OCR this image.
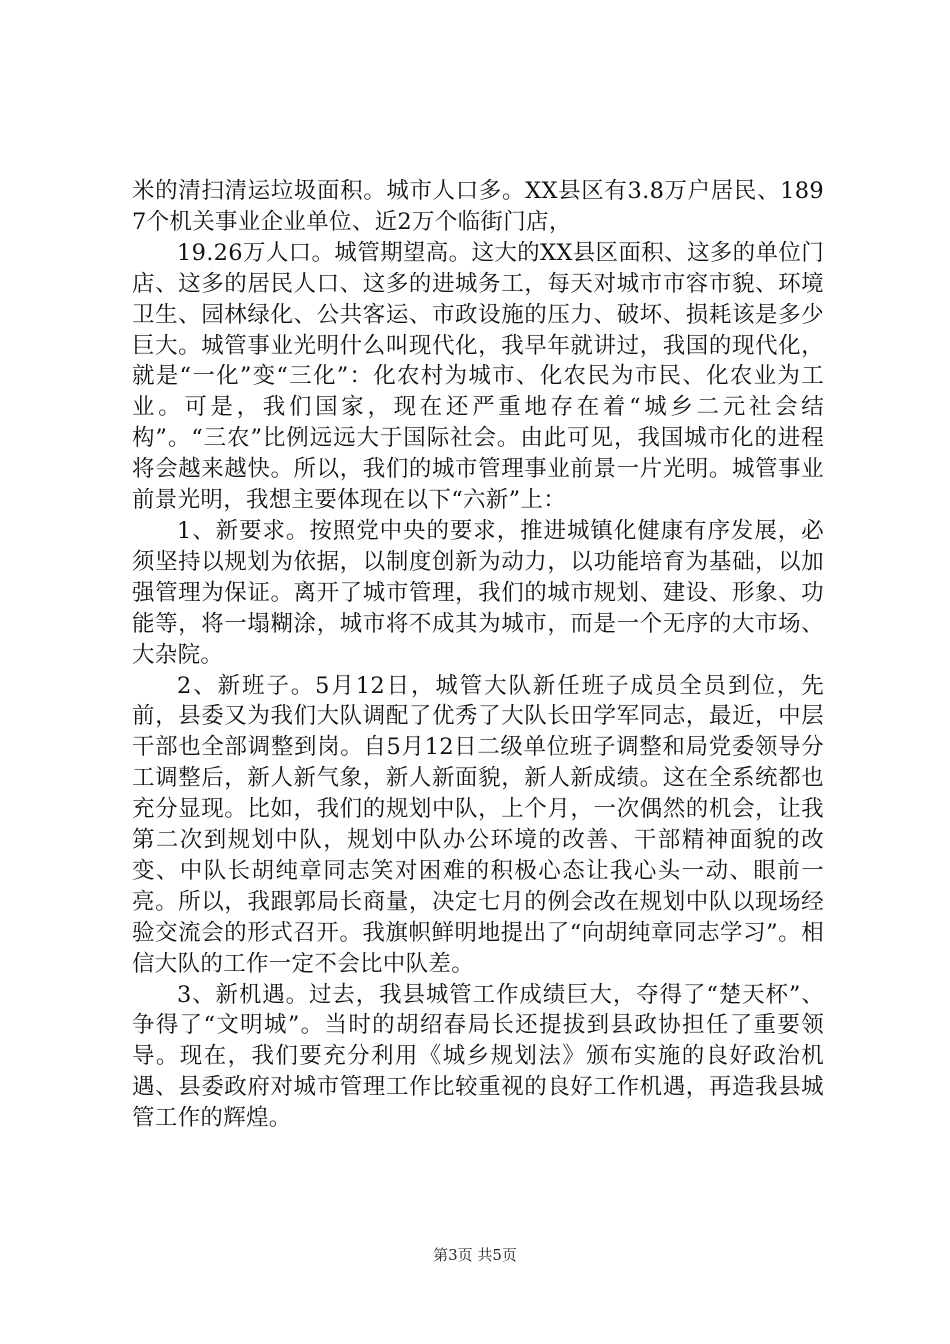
米的清扫清运垃圾面积。城市人口多。XX县区有3.8万户居民、1897个机关事业企业单位、近2万个临街门店，

19.26万人口。城管期望高。这大的XX县区面积、这多的单位门店、这多的居民人口、这多的进城务工，每天对城市市容市貌、环境卫生、园林绿化、公共客运、市政设施的压力、破坏、损耗该是多少巨大。城管事业光明什么叫现代化，我早年就讲过，我国的现代化，就是“一化”变“三化”：化农村为城市、化农民为市民、化农业为工业。可是，我们国家，现在还严重地存在着“城乡二元社会结构”。“三农”比例远远大于国际社会。由此可见，我国城市化的进程将会越来越快。所以，我们的城市管理事业前景一片光明。城管事业前景光明，我想主要体现在以下“六新”上：

1、新要求。按照党中央的要求，推进城镇化健康有序发展，必须坚持以规划为依据，以制度创新为动力，以功能培育为基础，以加强管理为保证。离开了城市管理，我们的城市规划、建设、形象、功能等，将一塌糊涂，城市将不成其为城市，而是一个无序的大市场、大杂院。

2、新班子。5月12日，城管大队新任班子成员全员到位，先前，县委又为我们大队调配了优秀了大队长田学军同志，最近，中层干部也全部调整到岗。自5月12日二级单位班子调整和局党委领导分工调整后，新人新气象，新人新面貌，新人新成绩。这在全系统都也充分显现。比如，我们的规划中队，上个月，一次偶然的机会，让我第二次到规划中队，规划中队办公环境的改善、干部精神面貌的改变、中队长胡纯章同志笑对困难的积极心态让我心头一动、眼前一亮。所以，我跟郭局长商量，决定七月的例会改在规划中队以现场经验交流会的形式召开。我旗帜鲜明地提出了“向胡纯章同志学习”。相信大队的工作一定不会比中队差。

3、新机遇。过去，我县城管工作成绩巨大，夺得了“楚天杯”、争得了“文明城”。当时的胡绍春局长还提拔到县政协担任了重要领导。现在，我们要充分利用《城乡规划法》颁布实施的良好政治机遇、县委政府对城市管理工作比较重视的良好工作机遇，再造我县城管工作的辉煌。

第3页 共5页
